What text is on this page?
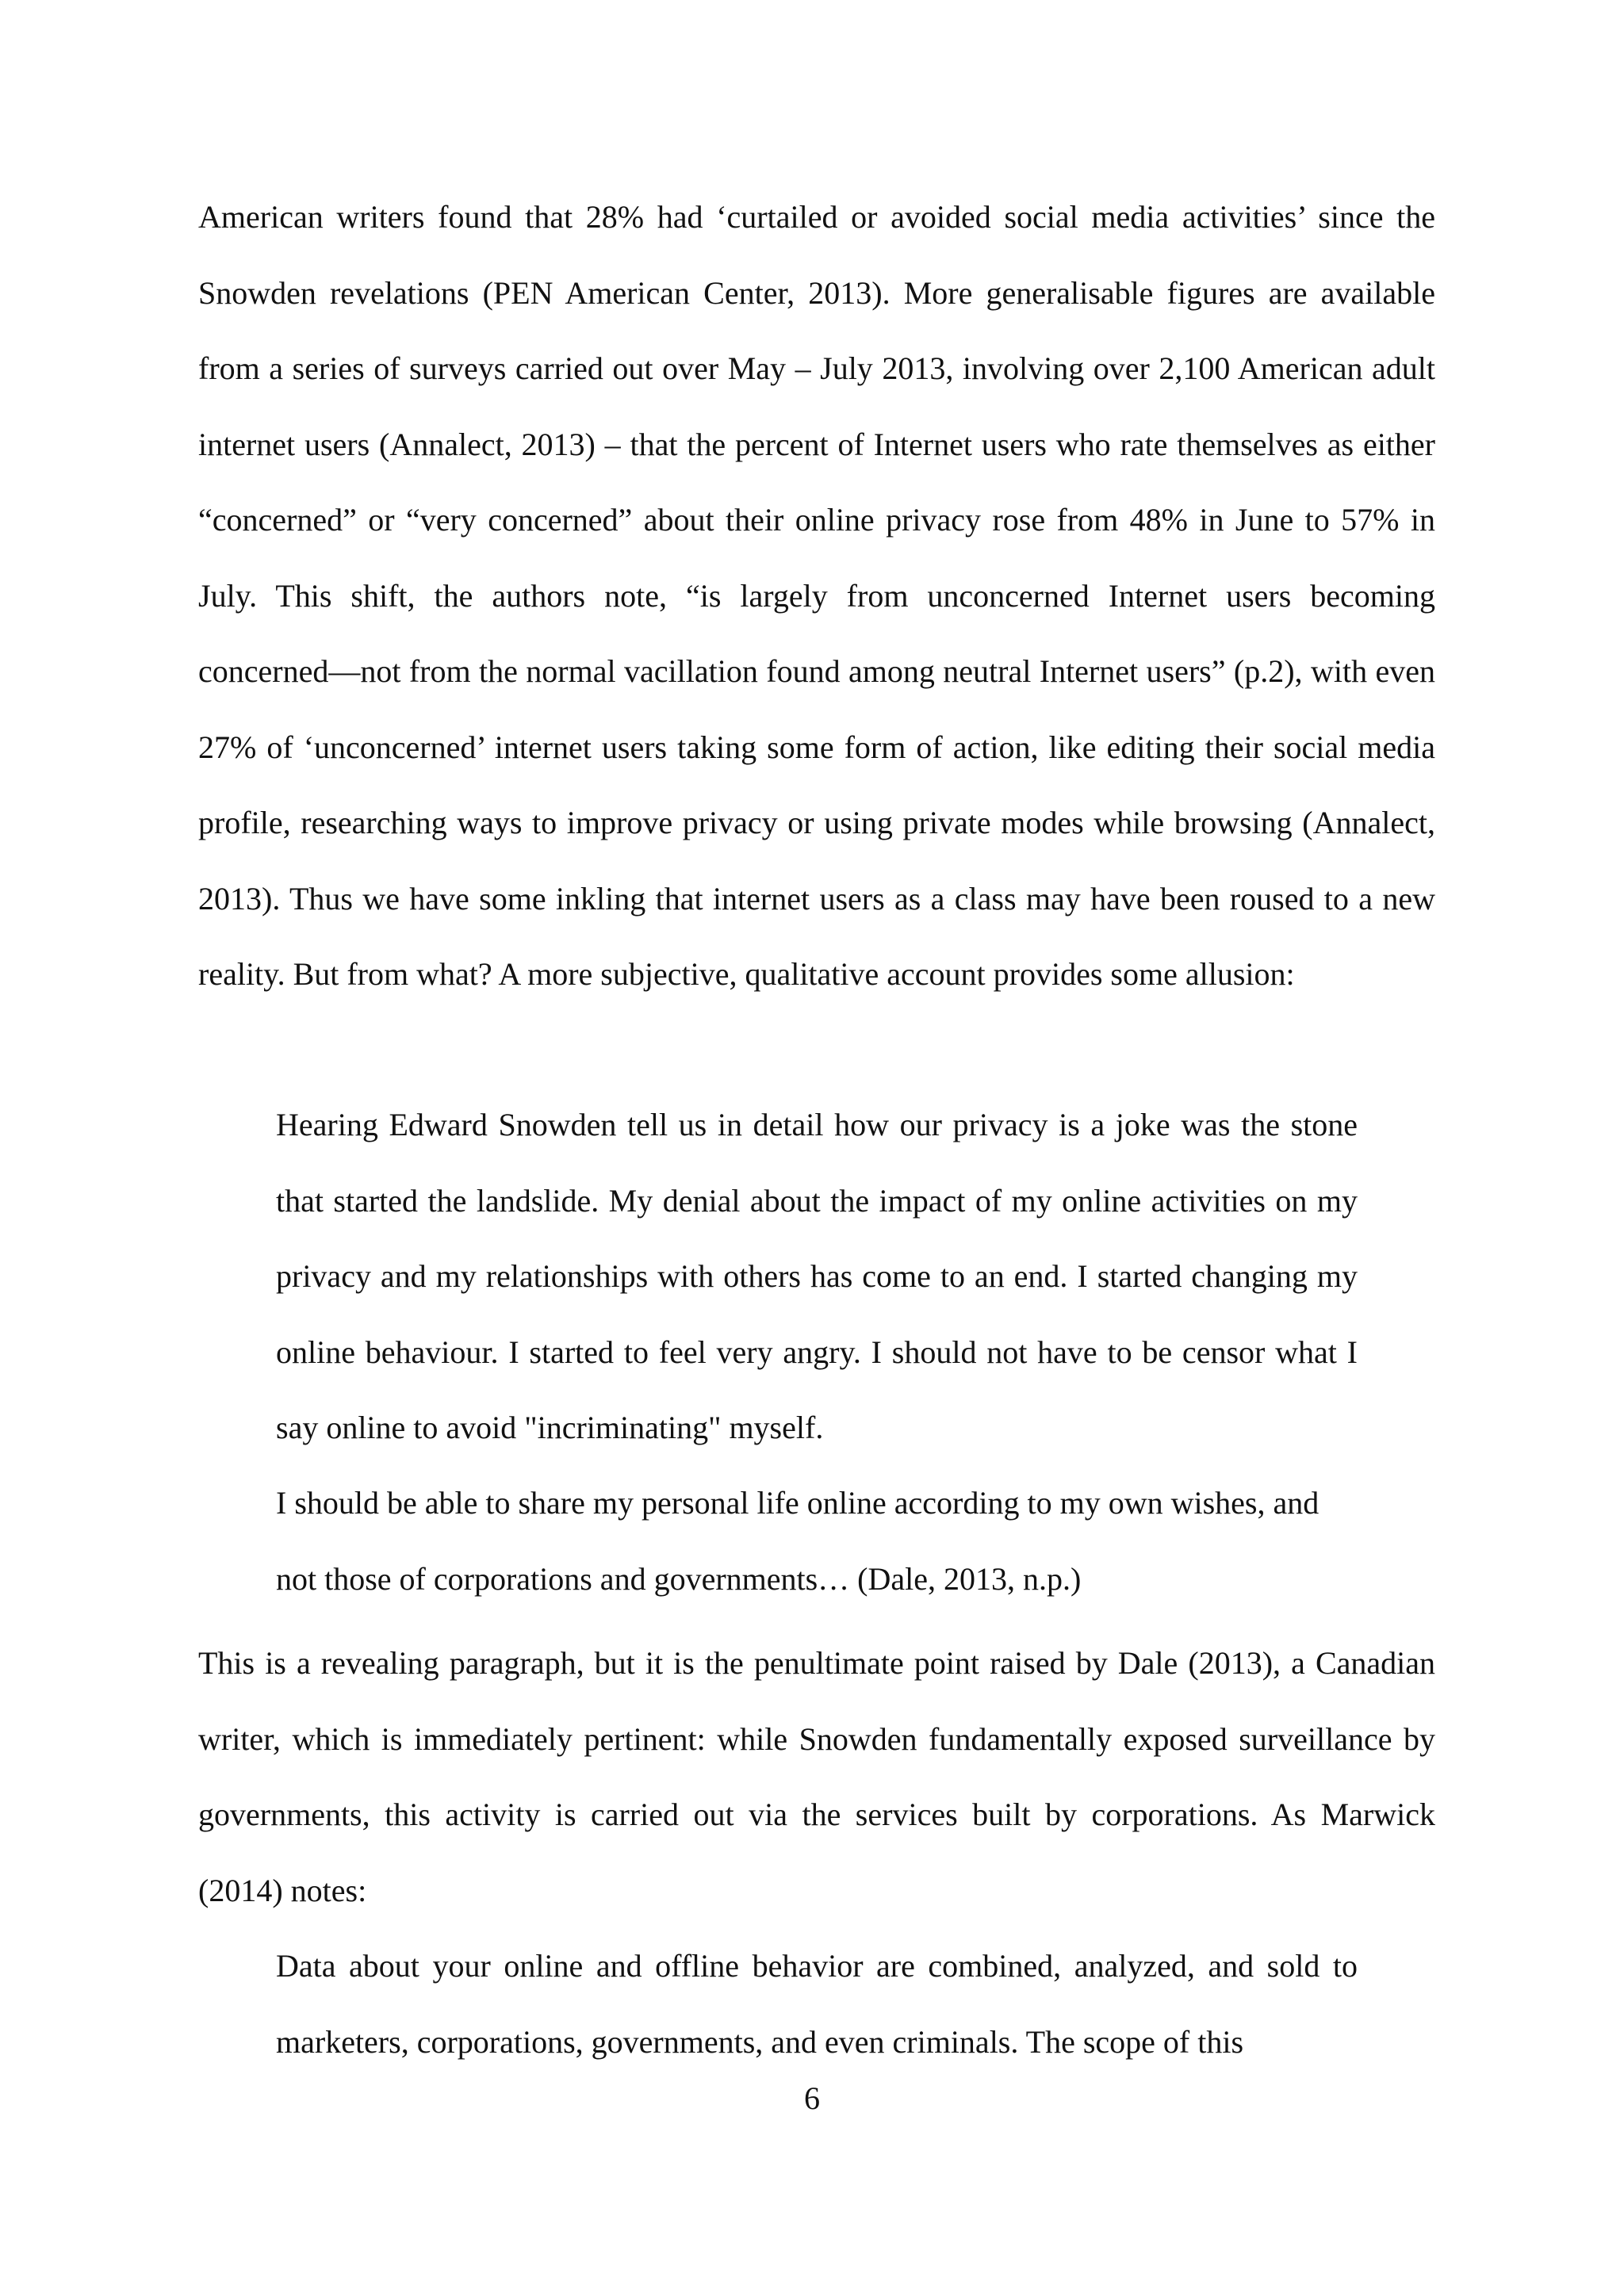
American writers found that 28% had ‘curtailed or avoided social media activities’ since the Snowden revelations (PEN American Center, 2013). More generalisable figures are available from a series of surveys carried out over May – July 2013, involving over 2,100 American adult internet users (Annalect, 2013) – that the percent of Internet users who rate themselves as either “concerned” or “very concerned” about their online privacy rose from 48% in June to 57% in July. This shift, the authors note, “is largely from unconcerned Internet users becoming concerned—not from the normal vacillation found among neutral Internet users” (p.2), with even 27% of ‘unconcerned’ internet users taking some form of action, like editing their social media profile, researching ways to improve privacy or using private modes while browsing (Annalect, 2013). Thus we have some inkling that internet users as a class may have been roused to a new reality. But from what? A more subjective, qualitative account provides some allusion:

Hearing Edward Snowden tell us in detail how our privacy is a joke was the stone that started the landslide. My denial about the impact of my online activities on my privacy and my relationships with others has come to an end. I started changing my online behaviour. I started to feel very angry. I should not have to be censor what I say online to avoid "incriminating" myself.

I should be able to share my personal life online according to my own wishes, and not those of corporations and governments… (Dale, 2013, n.p.)

This is a revealing paragraph, but it is the penultimate point raised by Dale (2013), a Canadian writer, which is immediately pertinent: while Snowden fundamentally exposed surveillance by governments, this activity is carried out via the services built by corporations. As Marwick (2014) notes:

Data about your online and offline behavior are combined, analyzed, and sold to marketers, corporations, governments, and even criminals. The scope of this

6
